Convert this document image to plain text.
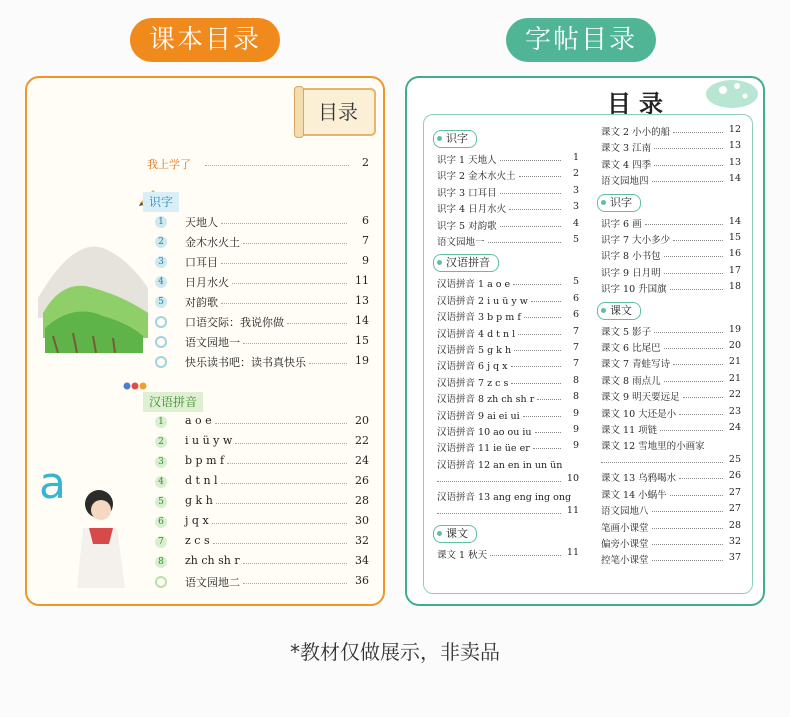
课本目录	字帖目录
目录
a
我上学了	2
识字
1 天地人	6
2 金木水火土	7
3 口耳目	9
4 日月水火	11
5 对韵歌	13
口语交际：我说你做	14
语文园地一	15
快乐读书吧：读书真快乐	19
汉语拼音
1 a o e	20
2 i u ü y w	22
3 b p m f	24
4 d t n l	26
5 g k h	28
6 j q x	30
7 z c s	32
8 zh ch sh r	34
语文园地二	36
目录
识字
识字 1 天地人	1
识字 2 金木水火土	2
识字 3 口耳目	3
识字 4 日月水火	3
识字 5 对韵歌	4
语文园地一	5
汉语拼音
汉语拼音 1 a o e	5
汉语拼音 2 i u ü y w	6
汉语拼音 3 b p m f	6
汉语拼音 4 d t n l	7
汉语拼音 5 g k h	7
汉语拼音 6 j q x	7
汉语拼音 7 z c s	8
汉语拼音 8 zh ch sh r	8
汉语拼音 9 ai ei ui	9
汉语拼音 10 ao ou iu	9
汉语拼音 11 ie üe er	9
汉语拼音 12 an en in un ün
10
汉语拼音 13 ang eng ing ong
11
课文
课文 1 秋天	11
课文 2 小小的船	12
课文 3 江南	13
课文 4 四季	13
语文园地四	14
识字
识字 6 画	14
识字 7 大小多少	15
识字 8 小书包	16
识字 9 日月明	17
识字 10 升国旗	18
课文
课文 5 影子	19
课文 6 比尾巴	20
课文 7 青蛙写诗	21
课文 8 雨点儿	21
课文 9 明天要远足	22
课文 10 大还是小	23
课文 11 项链	24
课文 12 雪地里的小画家
25
课文 13 乌鸦喝水	26
课文 14 小蜗牛	27
语文园地八	27
笔画小课堂	28
偏旁小课堂	32
控笔小课堂	37
*教材仅做展示，非卖品
